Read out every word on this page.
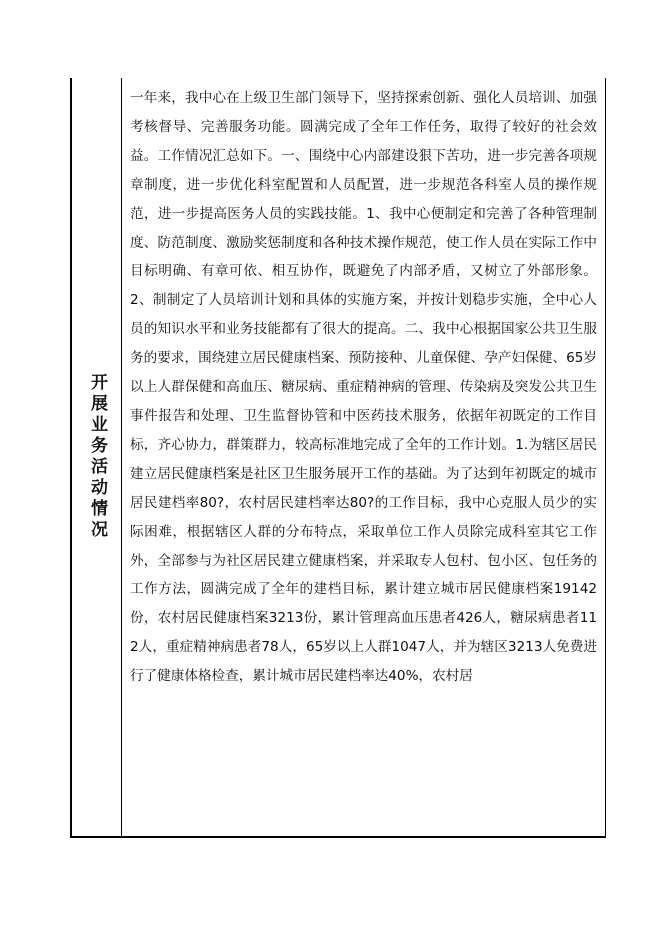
开展业务活动情况

一年来，我中心在上级卫生部门领导下，坚持探索创新、强化人员培训、加强考核督导、完善服务功能。圆满完成了全年工作任务，取得了较好的社会效益。工作情况汇总如下。一、围绕中心内部建设狠下苦功，进一步完善各项规章制度，进一步优化科室配置和人员配置，进一步规范各科室人员的操作规范，进一步提高医务人员的实践技能。1、我中心便制定和完善了各种管理制度、防范制度、激励奖惩制度和各种技术操作规范，使工作人员在实际工作中目标明确、有章可依、相互协作，既避免了内部矛盾，又树立了外部形象。2、制制定了人员培训计划和具体的实施方案，并按计划稳步实施，全中心人员的知识水平和业务技能都有了很大的提高。二、我中心根据国家公共卫生服务的要求，围绕建立居民健康档案、预防接种、儿童保健、孕产妇保健、65岁以上人群保健和高血压、糖尿病、重症精神病的管理、传染病及突发公共卫生事件报告和处理、卫生监督协管和中医药技术服务，依据年初既定的工作目标，齐心协力，群策群力，较高标准地完成了全年的工作计划。1.为辖区居民建立居民健康档案是社区卫生服务展开工作的基础。为了达到年初既定的城市居民建档率80?，农村居民建档率达80?的工作目标，我中心克服人员少的实际困难，根据辖区人群的分布特点，采取单位工作人员除完成科室其它工作外，全部参与为社区居民建立健康档案，并采取专人包村、包小区、包任务的工作方法，圆满完成了全年的建档目标，累计建立城市居民健康档案19142份，农村居民健康档案3213份，累计管理高血压患者426人，糖尿病患者112人，重症精神病患者78人，65岁以上人群1047人，并为辖区3213人免费进行了健康体格检查，累计城市居民建档率达40%，农村居
